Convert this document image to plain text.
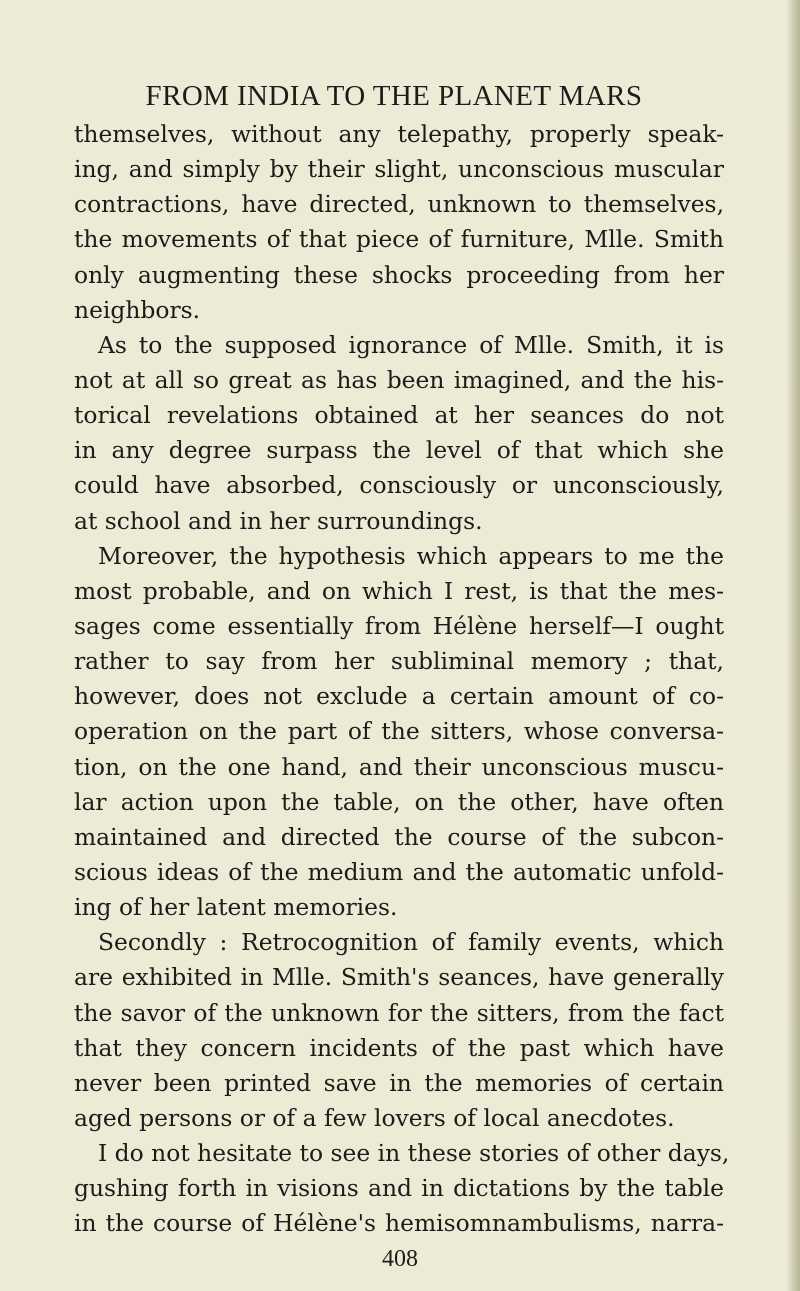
FROM INDIA TO THE PLANET MARS
themselves, without any telepathy, properly speak-
ing, and simply by their slight, unconscious muscular
contractions, have directed, unknown to themselves,
the movements of that piece of furniture, Mlle. Smith
only augmenting these shocks proceeding from her
neighbors.
As to the supposed ignorance of Mlle. Smith, it is
not at all so great as has been imagined, and the his-
torical revelations obtained at her seances do not
in any degree surpass the level of that which she
could have absorbed, consciously or unconsciously,
at school and in her surroundings.
Moreover, the hypothesis which appears to me the
most probable, and on which I rest, is that the mes-
sages come essentially from Hélène herself—I ought
rather to say from her subliminal memory ; that,
however, does not exclude a certain amount of co-
operation on the part of the sitters, whose conversa-
tion, on the one hand, and their unconscious muscu-
lar action upon the table, on the other, have often
maintained and directed the course of the subcon-
scious ideas of the medium and the automatic unfold-
ing of her latent memories.
Secondly : Retrocognition of family events, which
are exhibited in Mlle. Smith's seances, have generally
the savor of the unknown for the sitters, from the fact
that they concern incidents of the past which have
never been printed save in the memories of certain
aged persons or of a few lovers of local anecdotes.
I do not hesitate to see in these stories of other days,
gushing forth in visions and in dictations by the table
in the course of Hélène's hemisomnambulisms, narra-
408
